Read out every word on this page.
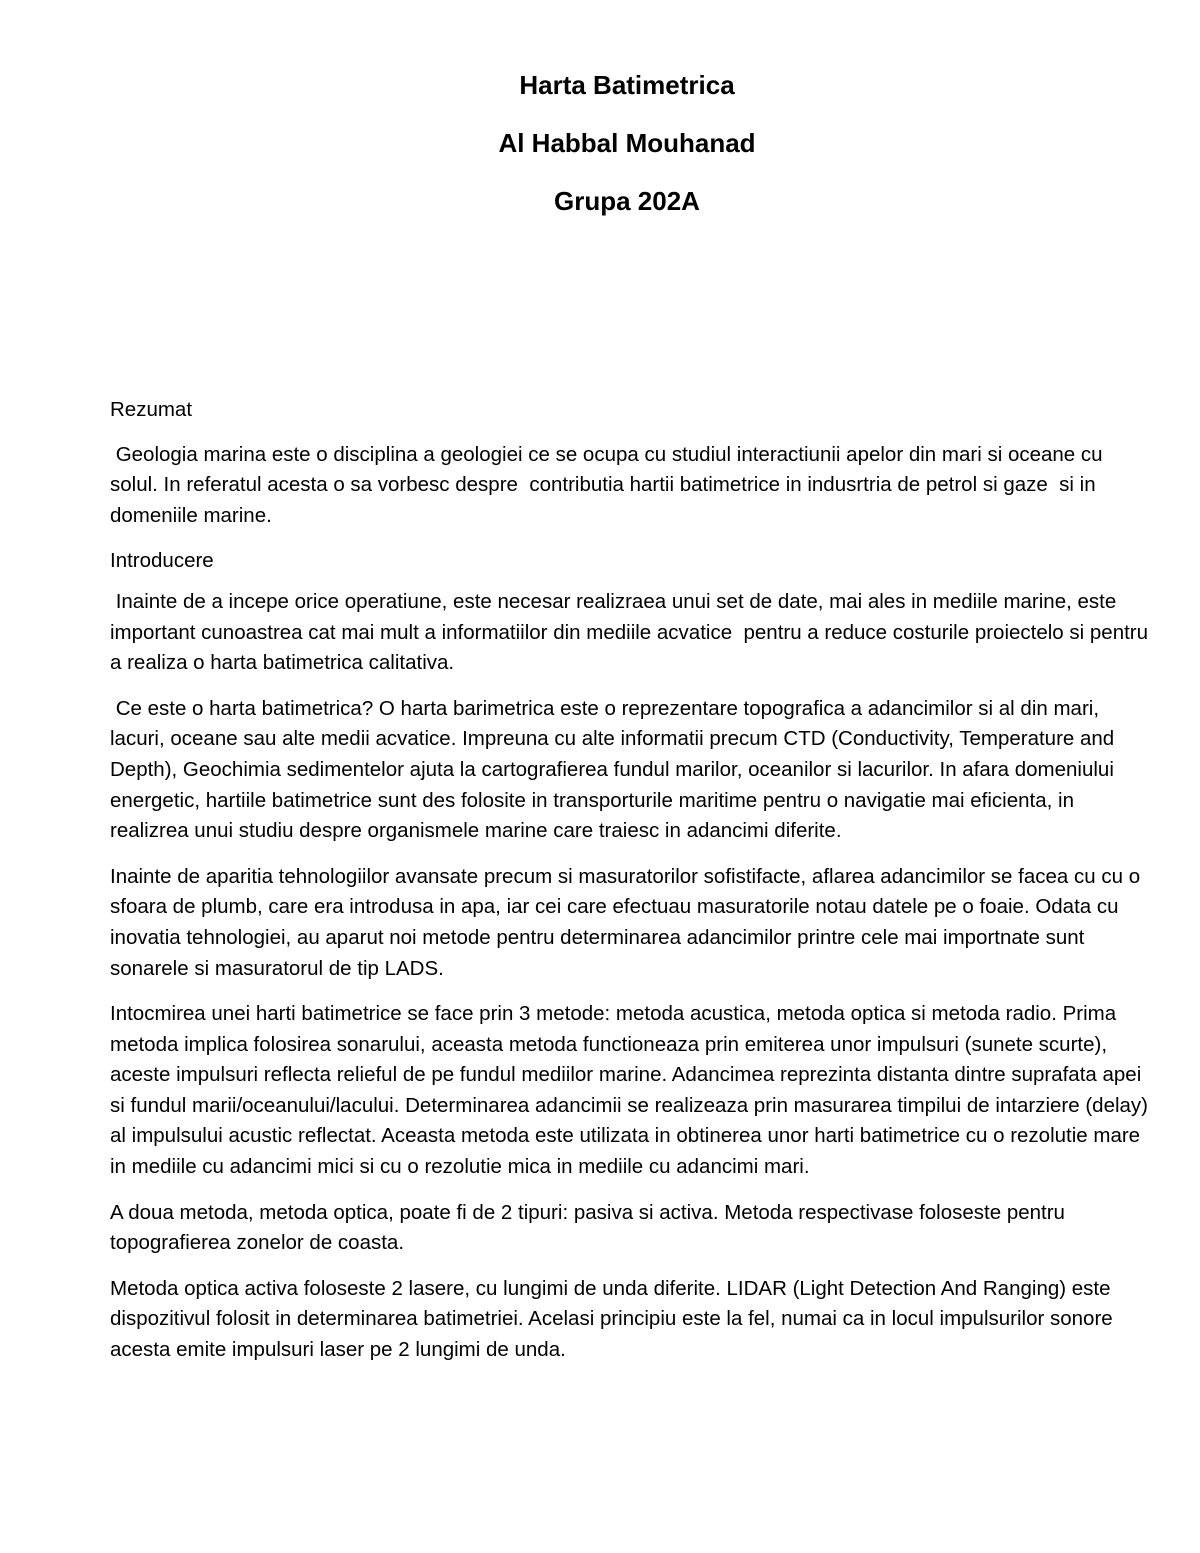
Harta Batimetrica

Al Habbal Mouhanad

Grupa 202A

Rezumat

Geologia marina este o disciplina a geologiei ce se ocupa cu studiul interactiunii apelor din mari si oceane cu solul. In referatul acesta o sa vorbesc despre  contributia hartii batimetrice in indusrtria de petrol si gaze  si in domeniile marine.

Introducere

Inainte de a incepe orice operatiune, este necesar realizraea unui set de date, mai ales in mediile marine, este important cunoastrea cat mai mult a informatiilor din mediile acvatice  pentru a reduce costurile proiectelo si pentru a realiza o harta batimetrica calitativa.

Ce este o harta batimetrica? O harta barimetrica este o reprezentare topografica a adancimilor si al din mari, lacuri, oceane sau alte medii acvatice. Impreuna cu alte informatii precum CTD (Conductivity, Temperature and Depth), Geochimia sedimentelor ajuta la cartografierea fundul marilor, oceanilor si lacurilor. In afara domeniului energetic, hartiile batimetrice sunt des folosite in transporturile maritime pentru o navigatie mai eficienta, in realizrea unui studiu despre organismele marine care traiesc in adancimi diferite.

Inainte de aparitia tehnologiilor avansate precum si masuratorilor sofistifacte, aflarea adancimilor se facea cu cu o sfoara de plumb, care era introdusa in apa, iar cei care efectuau masuratorile notau datele pe o foaie. Odata cu inovatia tehnologiei, au aparut noi metode pentru determinarea adancimilor printre cele mai importnate sunt sonarele si masuratorul de tip LADS.

Intocmirea unei harti batimetrice se face prin 3 metode: metoda acustica, metoda optica si metoda radio. Prima metoda implica folosirea sonarului, aceasta metoda functioneaza prin emiterea unor impulsuri (sunete scurte), aceste impulsuri reflecta relieful de pe fundul mediilor marine. Adancimea reprezinta distanta dintre suprafata apei si fundul marii/oceanului/lacului. Determinarea adancimii se realizeaza prin masurarea timpilui de intarziere (delay) al impulsului acustic reflectat. Aceasta metoda este utilizata in obtinerea unor harti batimetrice cu o rezolutie mare in mediile cu adancimi mici si cu o rezolutie mica in mediile cu adancimi mari.

A doua metoda, metoda optica, poate fi de 2 tipuri: pasiva si activa. Metoda respectivase foloseste pentru topografierea zonelor de coasta.

Metoda optica activa foloseste 2 lasere, cu lungimi de unda diferite. LIDAR (Light Detection And Ranging) este dispozitivul folosit in determinarea batimetriei. Acelasi principiu este la fel, numai ca in locul impulsurilor sonore acesta emite impulsuri laser pe 2 lungimi de unda.
